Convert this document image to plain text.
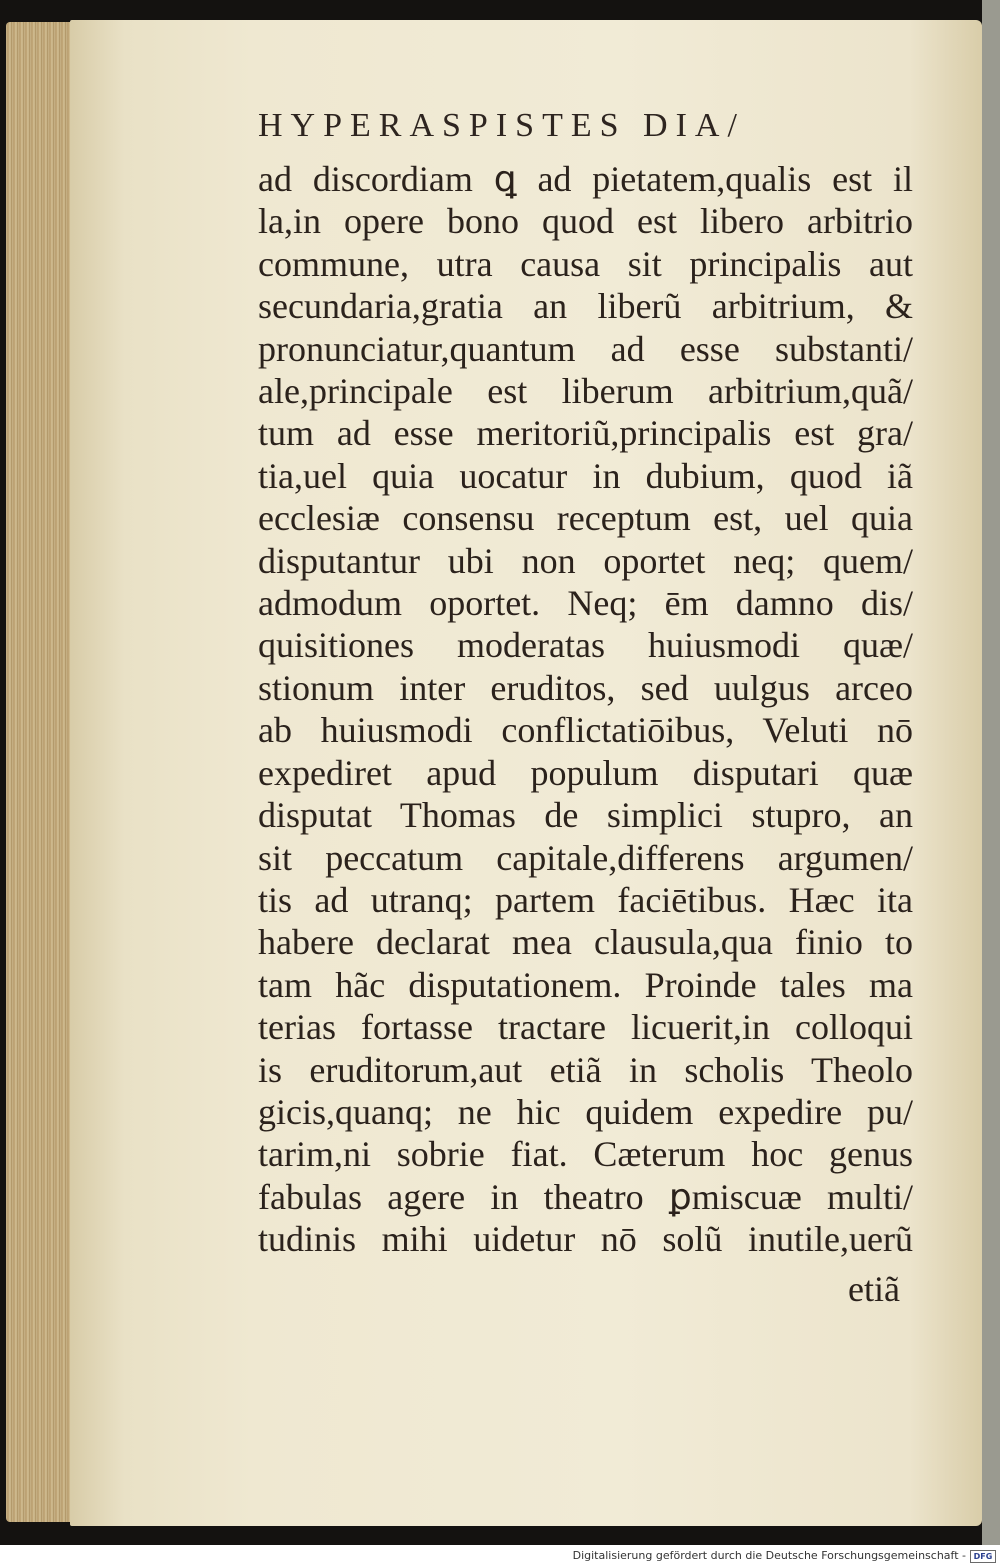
HYPERASPISTES DIA/
ad discordiam ꝗ ad pietatem,qualis est il
la,in opere bono quod est libero arbitrio
commune, utra causa sit principalis aut
secundaria,gratia an liberũ arbitrium, &
pronunciatur,quantum ad esse substanti/
ale,principale est liberum arbitrium,quã/
tum ad esse meritoriũ,principalis est gra/
tia,uel quia uocatur in dubium, quod iã
ecclesiæ consensu receptum est, uel quia
disputantur ubi non oportet neq; quem/
admodum oportet. Neq; ēm damno dis/
quisitiones moderatas huiusmodi quæ/
stionum inter eruditos, sed uulgus arceo
ab huiusmodi conflictatiōibus, Veluti nō
expediret apud populum disputari quæ
disputat Thomas de simplici stupro, an
sit peccatum capitale,differens argumen/
tis ad utranq; partem faciētibus. Hæc ita
habere declarat mea clausula,qua finio to
tam hãc disputationem. Proinde tales ma
terias fortasse tractare licuerit,in colloqui
is eruditorum,aut etiã in scholis Theolo
gicis,quanq; ne hic quidem expedire pu/
tarim,ni sobrie fiat. Cæterum hoc genus
fabulas agere in theatro ꝑmiscuæ multi/
tudinis mihi uidetur nō solũ inutile,uerũ
etiã
Digitalisierung gefördert durch die Deutsche Forschungsgemeinschaft - DFG
